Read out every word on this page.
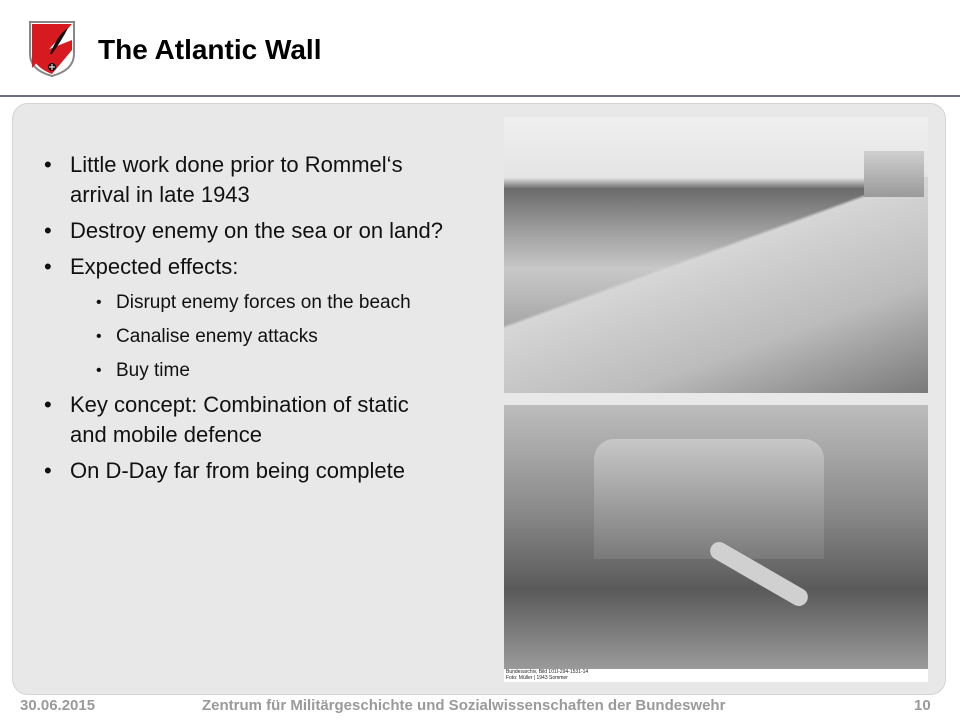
The Atlantic Wall
• Little work done prior to Rommel‘s arrival in late 1943
• Destroy enemy on the sea or on land?
• Expected effects:
• Disrupt enemy forces on the beach
• Canalise enemy attacks
• Buy time
• Key concept: Combination of static and mobile defence
• On D-Day far from being complete
Bundesarchiv, Bild 101I-294-1531-14
Foto: Müller | 1943 Sommer
30.06.2015	Zentrum für Militärgeschichte und Sozialwissenschaften der Bundeswehr	10
